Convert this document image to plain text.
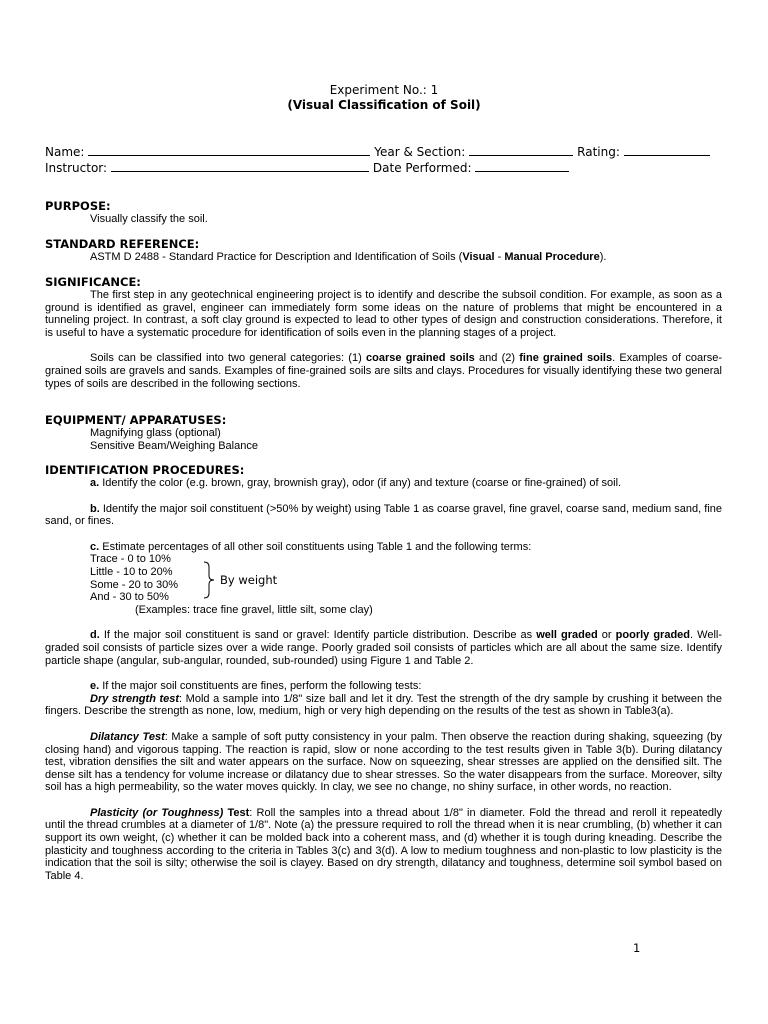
Experiment No.: 1
(Visual Classification of Soil)
Name:
	Year & Section:
	Rating:

Instructor:
	Date Performed:

PURPOSE:
Visually classify the soil.
STANDARD REFERENCE:
ASTM D 2488 - Standard Practice for Description and Identification of Soils (Visual - Manual Procedure).
SIGNIFICANCE:
The first step in any geotechnical engineering project is to identify and describe the subsoil condition. For example, as soon as a ground is identified as gravel, engineer can immediately form some ideas on the nature of problems that might be encountered in a tunneling project. In contrast, a soft clay ground is expected to lead to other types of design and construction considerations. Therefore, it is useful to have a systematic procedure for identification of soils even in the planning stages of a project.
Soils can be classified into two general categories: (1) coarse grained soils and (2) fine grained soils. Examples of coarse-grained soils are gravels and sands. Examples of fine-grained soils are silts and clays. Procedures for visually identifying these two general types of soils are described in the following sections.
EQUIPMENT/ APPARATUSES:
Magnifying glass (optional)
Sensitive Beam/Weighing Balance
IDENTIFICATION PROCEDURES:
a. Identify the color (e.g. brown, gray, brownish gray), odor (if any) and texture (coarse or fine-grained) of soil.
b. Identify the major soil constituent (>50% by weight) using Table 1 as coarse gravel, fine gravel, coarse sand, medium sand, fine sand, or fines.
c. Estimate percentages of all other soil constituents using Table 1 and the following terms:
Trace - 0 to 10%
Little - 10 to 20%
Some - 20 to 30%
And - 30 to 50%
(Examples: trace fine gravel, little silt, some clay)
d. If the major soil constituent is sand or gravel: Identify particle distribution. Describe as well graded or poorly graded. Well-graded soil consists of particle sizes over a wide range. Poorly graded soil consists of particles which are all about the same size. Identify particle shape (angular, sub-angular, rounded, sub-rounded) using Figure 1 and Table 2.
e. If the major soil constituents are fines, perform the following tests:
Dry strength test: Mold a sample into 1/8" size ball and let it dry. Test the strength of the dry sample by crushing it between the fingers. Describe the strength as none, low, medium, high or very high depending on the results of the test as shown in Table3(a).
Dilatancy Test: Make a sample of soft putty consistency in your palm. Then observe the reaction during shaking, squeezing (by closing hand) and vigorous tapping. The reaction is rapid, slow or none according to the test results given in Table 3(b). During dilatancy test, vibration densifies the silt and water appears on the surface. Now on squeezing, shear stresses are applied on the densified silt. The dense silt has a tendency for volume increase or dilatancy due to shear stresses. So the water disappears from the surface. Moreover, silty soil has a high permeability, so the water moves quickly. In clay, we see no change, no shiny surface, in other words, no reaction.
Plasticity (or Toughness) Test: Roll the samples into a thread about 1/8" in diameter. Fold the thread and reroll it repeatedly until the thread crumbles at a diameter of 1/8". Note (a) the pressure required to roll the thread when it is near crumbling, (b) whether it can support its own weight, (c) whether it can be molded back into a coherent mass, and (d) whether it is tough during kneading. Describe the plasticity and toughness according to the criteria in Tables 3(c) and 3(d). A low to medium toughness and non-plastic to low plasticity is the indication that the soil is silty; otherwise the soil is clayey. Based on dry strength, dilatancy and toughness, determine soil symbol based on Table 4.
By weight
1
